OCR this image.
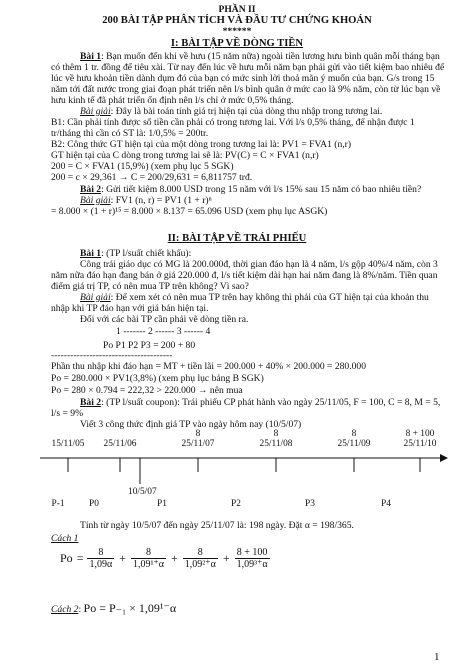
PHẦN II
200 BÀI TẬP PHÂN TÍCH VÀ ĐẦU TƯ CHỨNG KHOÁN
******
I: BÀI TẬP VỀ DÒNG TIỀN
Bài 1: Bạn muốn đến khi về hưu (15 năm nữa) ngoài tiền lương hưu bình quân mỗi tháng bạn
có thêm 1 tr. đồng để tiêu xài. Từ nay đến lúc về hưu mỗi năm bạn phải gửi vào tiết kiệm bao nhiêu để
lúc về hưu khoản tiền dành dụm đó của bạn có mức sinh lời thoả mãn ý muốn của bạn. G/s trong 15
năm tới đất nước trong giai đoạn phát triển nên l/s bình quân ở mức cao là 9% năm, còn từ lúc bạn về
hưu kinh tế đã phát triển ổn định nên l/s chỉ ở mức 0,5% tháng.
Bài giải: Đây là bài toán tính giá trị hiện tại của dòng thu nhập trong tương lai.
B1: Cần phải tính được số tiền cần phải có trong tương lai. Với l/s 0,5% tháng, để nhận được 1
tr/tháng thì cần có ST là: 1/0,5% = 200tr.
B2: Công thức GT hiện tại của một dòng trong tương lai là: PV1 = FVA1 (n,r)
GT hiện tại của C dòng trong tương lai sẽ là: PV(C) = C × FVA1 (n,r)
200 = C × FVA1 (15,9%) (xem phụ lục 5 SGK)
200 = c × 29,361 → C = 200/29,631 = 6,811757 trđ.
Bài 2: Gửi tiết kiệm 8.000 USD trong 15 năm với l/s 15% sau 15 năm có bao nhiêu tiền?
Bài giải: FV1 (n, r) = PV1 (1 + r)ⁿ
= 8.000 × (1 + r)¹⁵ = 8.000 × 8.137 = 65.096 USD (xem phụ lục ASGK)
II: BÀI TẬP VỀ TRÁI PHIẾU
Bài 1: (TP l/suất chiết khấu):
Công trái giáo dục có MG là 200.000đ, thời gian đáo hạn là 4 năm, l/s gộp 40%/4 năm, còn 3
năm nữa đáo hạn đang bán ở giá 220.000 đ, l/s tiết kiệm dài hạn hai năm đang là 8%/năm. Tiền quan
điểm giá trị TP, có nên mua TP trên không? Vì sao?
Bài giải: Để xem xét có nên mua TP trên hay không thì phải của GT hiện tại của khoản thu
nhập khi TP đáo hạn với giá bán hiện tại.
Đổi với các bài TP cần phải vẽ dòng tiền ra.
1 ------- 2 ------ 3 ------ 4
Po P1 P2 P3 = 200 + 80
--------------------------------------
Phần thu nhập khi đáo hạn = MT + tiền lãi = 200.000 + 40% × 200.000 = 280.000
Po = 280.000 × PV1(3,8%) (xem phụ lục bảng B SGK)
Po = 280 × 0.794 = 222,32 > 220.000 → nên mua
Bài 2: (TP l/suất coupon): Trái phiếu CP phát hành vào ngày 25/11/05, F = 100, C = 8, M = 5,
l/s = 9%
Viết 3 công thức định giá TP vào ngày hôm nay (10/5/07)
15/11/05 25/11/06	25/11/07	25/11/08	25/11/09	25/11/10
8	8	8	8 + 100
P-1	P0	P1	P2	P3	P4
10/5/07
Tính từ ngày 10/5/07 đến ngày 25/11/07 là: 198 ngày. Đặt α = 198/365.
Cách 1
$Po = \frac{8}{1,09\alpha} + \frac{8}{\text{1,09¹⁺α}} + \frac{8}{\text{1,09²⁺α}} + \frac{8 + 100}{\text{1,09³⁺α}}$
Cách 2: Po = P₋₁ × 1,09¹⁻α
1
